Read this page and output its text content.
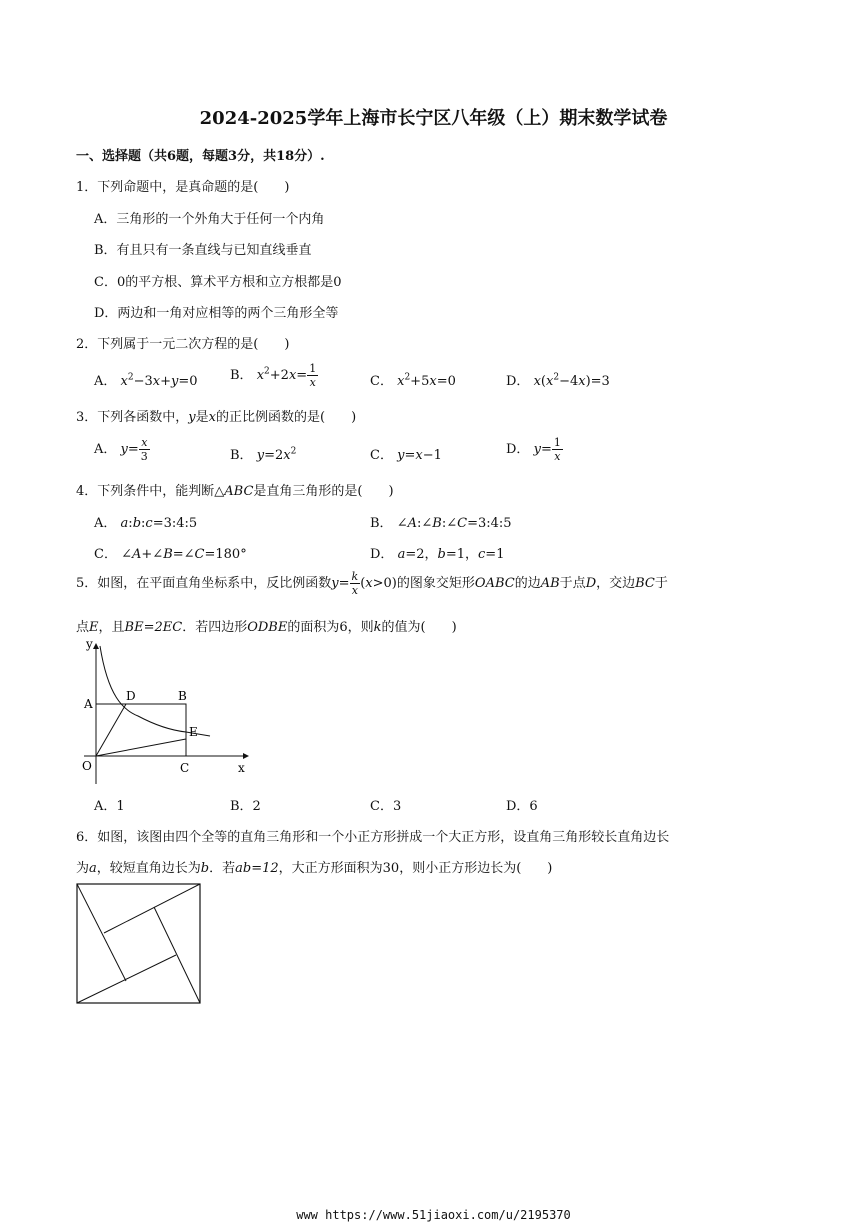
2024-2025学年上海市长宁区八年级（上）期末数学试卷
一、选择题（共6题，每题3分，共18分）.
1．下列命题中，是真命题的是(　　)
A．三角形的一个外角大于任何一个内角
B．有且只有一条直线与已知直线垂直
C．0的平方根、算术平方根和立方根都是0
D．两边和一角对应相等的两个三角形全等
2．下列属于一元二次方程的是(　　)
A． $x^2-3x+y=0$ B． $x^2+2x= \frac{1}{x}$	C． $x^2+5x=0$	D． $x(x^2-4x)=3$
3．下列各函数中，y是x的正比例函数的是(　　)
A． $y= \frac{x}{3}$	B． $y=2x^2$	C． y=x−1	D． $y= \frac{1}{x}$
4．下列条件中，能判断△ABC是直角三角形的是(　　)
A． a:b:c=3:4:5	B． ∠A:∠B:∠C=3:4:5
C． ∠A+∠B=∠C=180°	D． a=2，b=1，c=1
5．如图，在平面直角坐标系中，反比例函数$y= \frac{k}{x} (x>0)$的图象交矩形OABC的边AB于点D，交边BC于
点E，且BE=2EC．若四边形ODBE的面积为6，则k的值为(　　)
y
A
D	B
E
O	C	x
A．1	B．2	C．3	D．6
6．如图，该图由四个全等的直角三角形和一个小正方形拼成一个大正方形，设直角三角形较长直角边长
为a，较短直角边长为b．若ab=12，大正方形面积为30，则小正方形边长为(　　)
www https://www.51jiaoxi.com/u/2195370
